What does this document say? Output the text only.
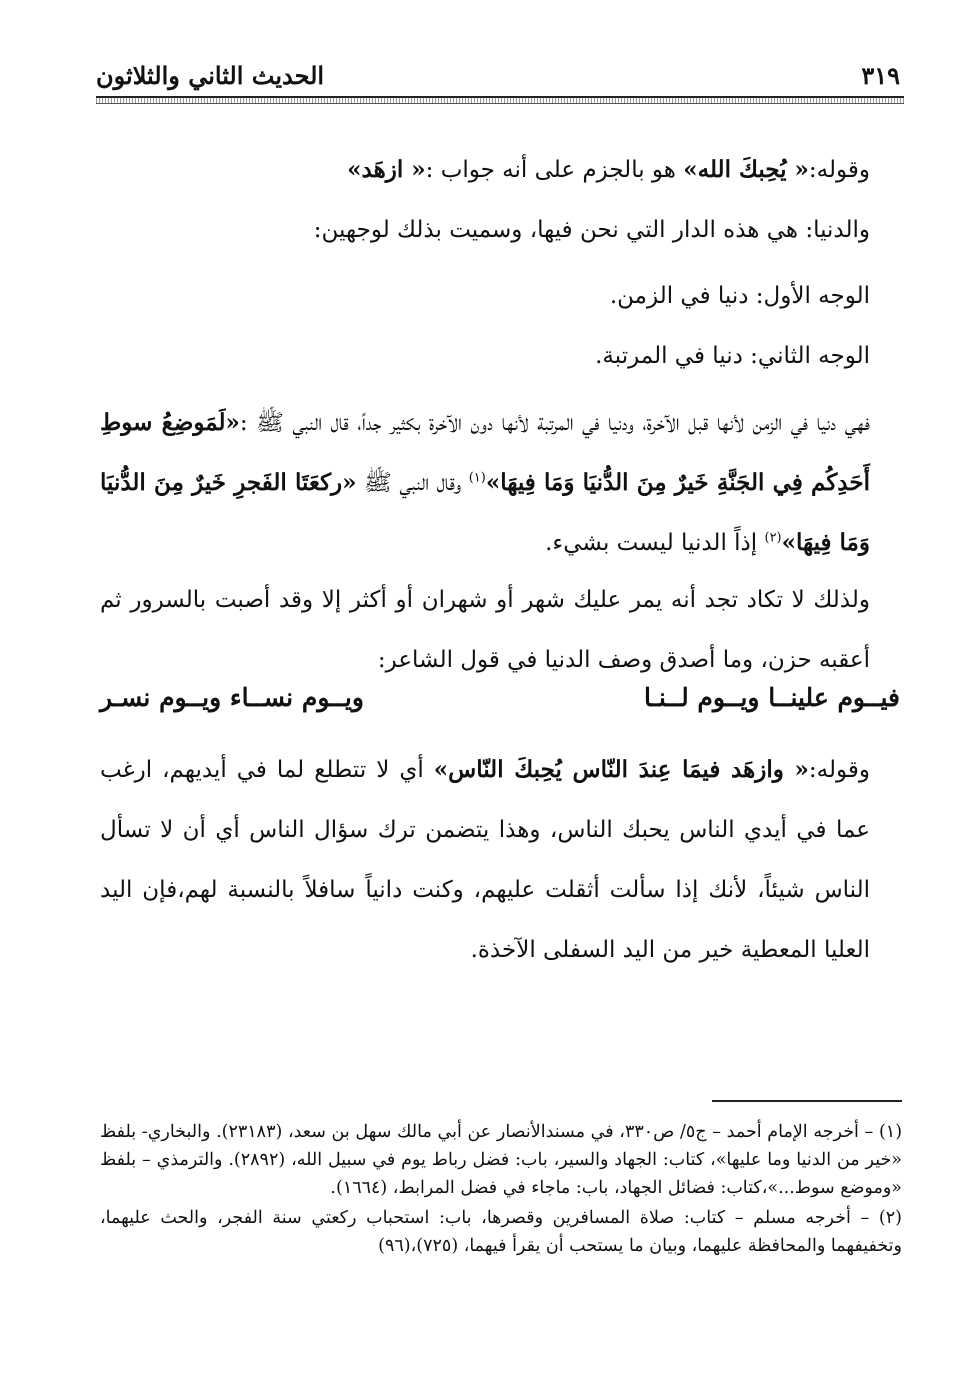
٣١٩
الحديث الثاني والثلاثون

وقوله:« يُحِبكَ الله» هو بالجزم على أنه جواب :« ازهَد»

والدنيا: هي هذه الدار التي نحن فيها، وسميت بذلك لوجهين:

الوجه الأول: دنيا في الزمن.

الوجه الثاني: دنيا في المرتبة.

فهي دنيا في الزمن لأنها قبل الآخرة، ودنيا في المرتبة لأنها دون الآخرة بكثير جداً، قال النبي ﷺ :«لَمَوضِعُ سوطِ أَحَدِكُم فِي الجَنَّةِ خَيرٌ مِنَ الدُّنيَا وَمَا فِيهَا»$^{(١)}$ وقال النبي ﷺ «ركعَتَا الفَجرِ خَيرٌ مِنَ الدُّنيَا وَمَا فِيهَا»$^{(٢)}$ إذاً الدنيا ليست بشيء.

ولذلك لا تكاد تجد أنه يمر عليك شهر أو شهران أو أكثر إلا وقد أصبت بالسرور ثم أعقبه حزن، وما أصدق وصف الدنيا في قول الشاعر:

فيــوم علينــا ويــوم لــنـا
ويــوم نســاء ويــوم نسـر

وقوله:« وازهَد فيمَا عِندَ النّاس يُحِبكَ النّاس» أي لا تتطلع لما في أيديهم، ارغب عما في أيدي الناس يحبك الناس، وهذا يتضمن ترك سؤال الناس أي أن لا تسأل الناس شيئاً، لأنك إذا سألت أثقلت عليهم، وكنت دانياً سافلاً بالنسبة لهم،فإن اليد العليا المعطية خير من اليد السفلى الآخذة.

(١) – أخرجه الإمام أحمد – ج٥/ ص٣٣٠، في مسندالأنصار عن أبي مالك سهل بن سعد، (٢٣١٨٣). والبخاري- بلفظ «خير من الدنيا وما عليها»، كتاب: الجهاد والسير، باب: فضل رباط يوم في سبيل الله، (٢٨٩٢). والترمذي – بلفظ «وموضع سوط...»،كتاب: فضائل الجهاد، باب: ماجاء في فضل المرابط، (١٦٦٤).

(٢) – أخرجه مسلم – كتاب: صلاة المسافرين وقصرها، باب: استحباب ركعتي سنة الفجر، والحث عليهما، وتخفيفهما والمحافظة عليهما، وبيان ما يستحب أن يقرأ فيهما، (٧٢٥)،(٩٦)
